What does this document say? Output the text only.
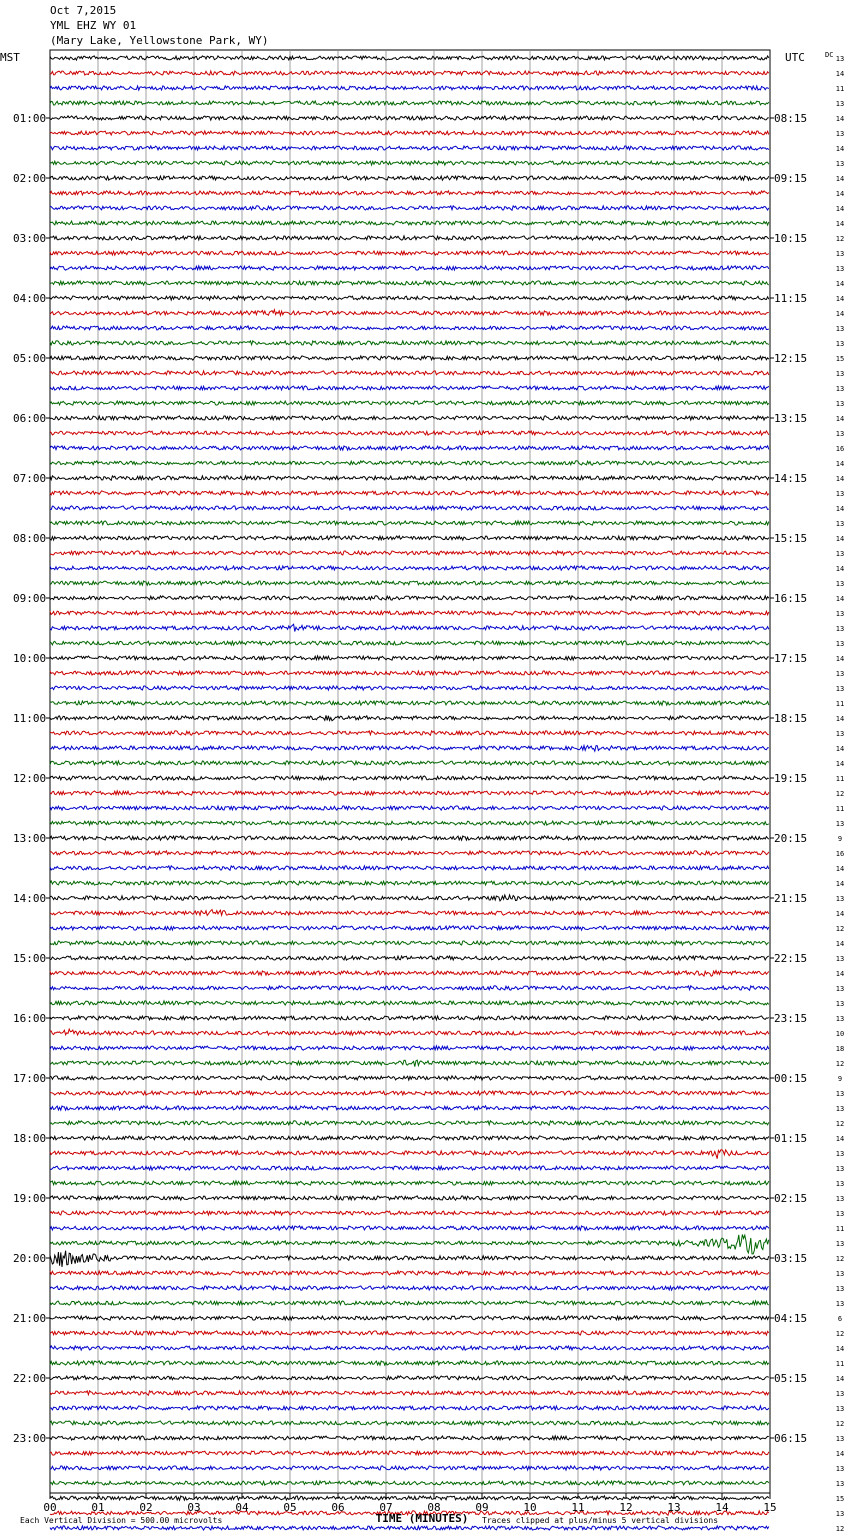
Oct 7,2015
YML EHZ WY 01
(Mary Lake, Yellowstone Park, WY)
00	01	02	03	04	05	06	07	08	09	10	11	12	13	14	15
13
14
11
13
14
01:00	08:15
13
14
13
14
02:00	09:15
14
14
14
12
03:00	10:15
13
13
14
14
04:00	11:15
14
13
13
15
05:00	12:15
13
13
13
14
06:00	13:15
13
16
14
14
07:00	14:15
13
14
13
14
08:00	15:15
13
14
13
14
09:00	16:15
13
13
13
14
10:00	17:15
13
13
11
14
11:00	18:15
13
14
14
11
12:00	19:15
12
11
13
9
13:00	20:15
16
14
14
13
14:00	21:15
14
12
14
13
15:00	22:15
14
13
13
13
16:00	23:15
10
18
12
9
17:00	00:15
13
13
12
14
18:00	01:15
13
13
13
13
19:00	02:15
13
11
13
12
20:00	03:15
13
13
13
6
21:00	04:15
12
14
11
14
22:00	05:15
13
13
12
13
23:00	06:15
14
13
13
15
13
12
MST	UTC	DC
TIME (MINUTES)
Each Vertical Division = 500.00 microvolts	Traces clipped at plus/minus 5 vertical divisions
